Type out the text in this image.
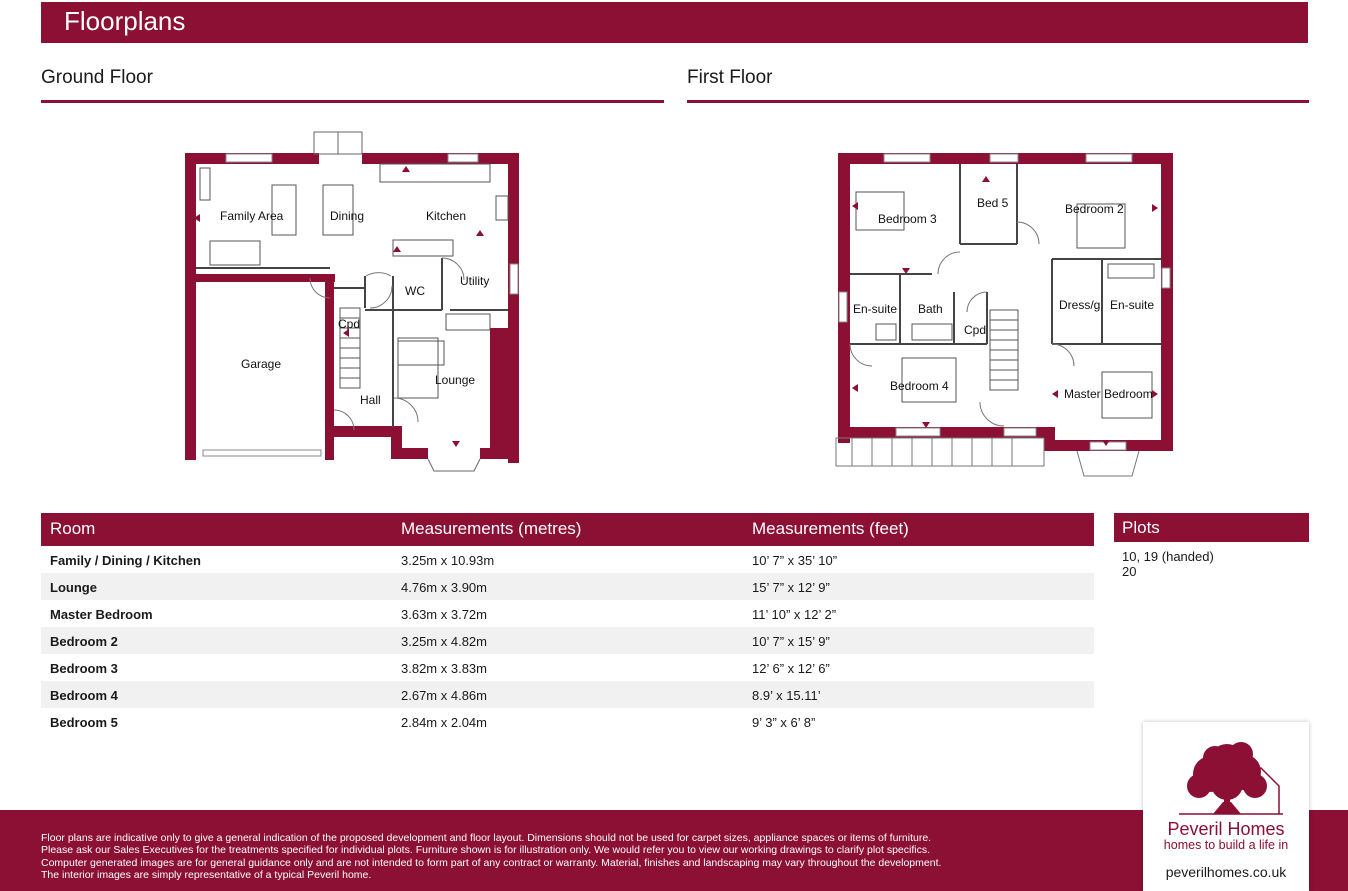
Floorplans
Ground Floor	First Floor
Family Area	Dining	Kitchen
WC
Utility
Cpd
Garage
Lounge
Hall
Bedroom 3
Bed 5	Bedroom 2
En-suite Bath
Cpd
Dress/g En-suite
Bedroom 4
Master Bedroom
Room	Measurements (metres)	Measurements (feet)
Family / Dining / Kitchen	3.25m x 10.93m	10’ 7” x 35’ 10”
Lounge	4.76m x 3.90m	15’ 7” x 12’ 9”
Master Bedroom	3.63m x 3.72m	11’ 10” x 12’ 2”
Bedroom 2	3.25m x 4.82m	10’ 7” x 15’ 9”
Bedroom 3	3.82m x 3.83m	12’ 6” x 12’ 6”
Bedroom 4	2.67m x 4.86m	8.9’ x 15.11’
Bedroom 5	2.84m x 2.04m	9’ 3” x 6’ 8”
Plots
10, 19 (handed)
20
Floor plans are indicative only to give a general indication of the proposed development and floor layout. Dimensions should not be used for carpet sizes, appliance spaces or items of furniture.
Please ask our Sales Executives for the treatments specified for individual plots. Furniture shown is for illustration only. We would refer you to view our working drawings to clarify plot specifics.
Computer generated images are for general guidance only and are not intended to form part of any contract or warranty. Material, finishes and landscaping may vary throughout the development.
The interior images are simply representative of a typical Peveril home.
Peveril Homes
homes to build a life in
peverilhomes.co.uk
